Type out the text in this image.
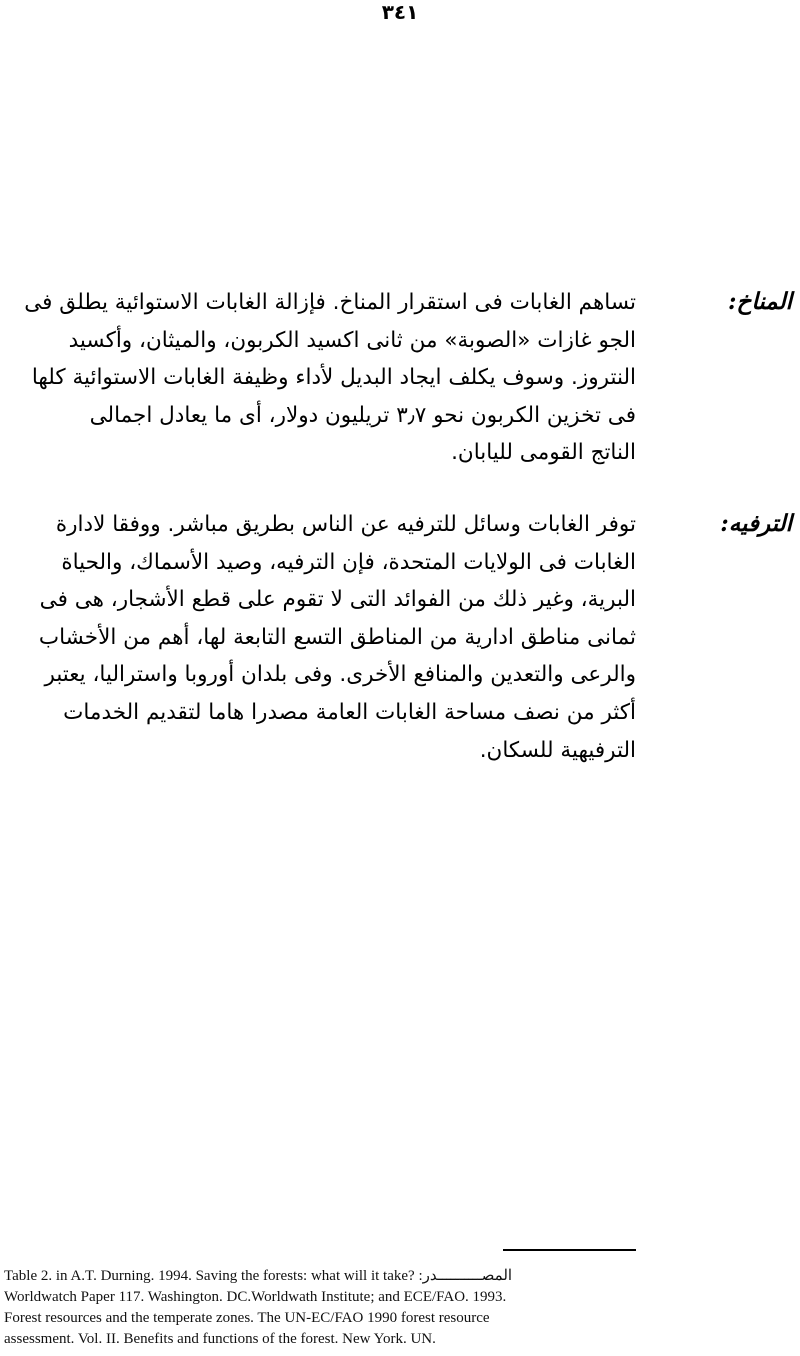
٣٤١
المناخ:
تساهم الغابات فى استقرار المناخ. فإزالة الغابات الاستوائية يطلق فى
الجو غازات «الصوبة» من ثانى اكسيد الكربون، والميثان، وأكسيد
النتروز. وسوف يكلف ايجاد البديل لأداء وظيفة الغابات الاستوائية كلها
فى تخزين الكربون نحو ٣٫٧ تريليون دولار، أى ما يعادل اجمالى
الناتج القومى لليابان.
الترفيه:
توفر الغابات وسائل للترفيه عن الناس بطريق مباشر. ووفقا لادارة
الغابات فى الولايات المتحدة، فإن الترفيه، وصيد الأسماك، والحياة
البرية، وغير ذلك من الفوائد التى لا تقوم على قطع الأشجار، هى فى
ثمانى مناطق ادارية من المناطق التسع التابعة لها، أهم من الأخشاب
والرعى والتعدين والمنافع الأخرى. وفى بلدان أوروبا واستراليا، يعتبر
أكثر من نصف مساحة الغابات العامة مصدرا هاما لتقديم الخدمات
الترفيهية للسكان.
Table 2. in A.T. Durning. 1994. Saving the forests: what will it take? المصــــــــــدر:
Worldwatch Paper 117. Washington. DC.Worldwath Institute; and ECE/FAO. 1993.
Forest resources and the temperate zones. The UN-EC/FAO 1990 forest resource
assessment. Vol. II. Benefits and functions of the forest. New York. UN.
